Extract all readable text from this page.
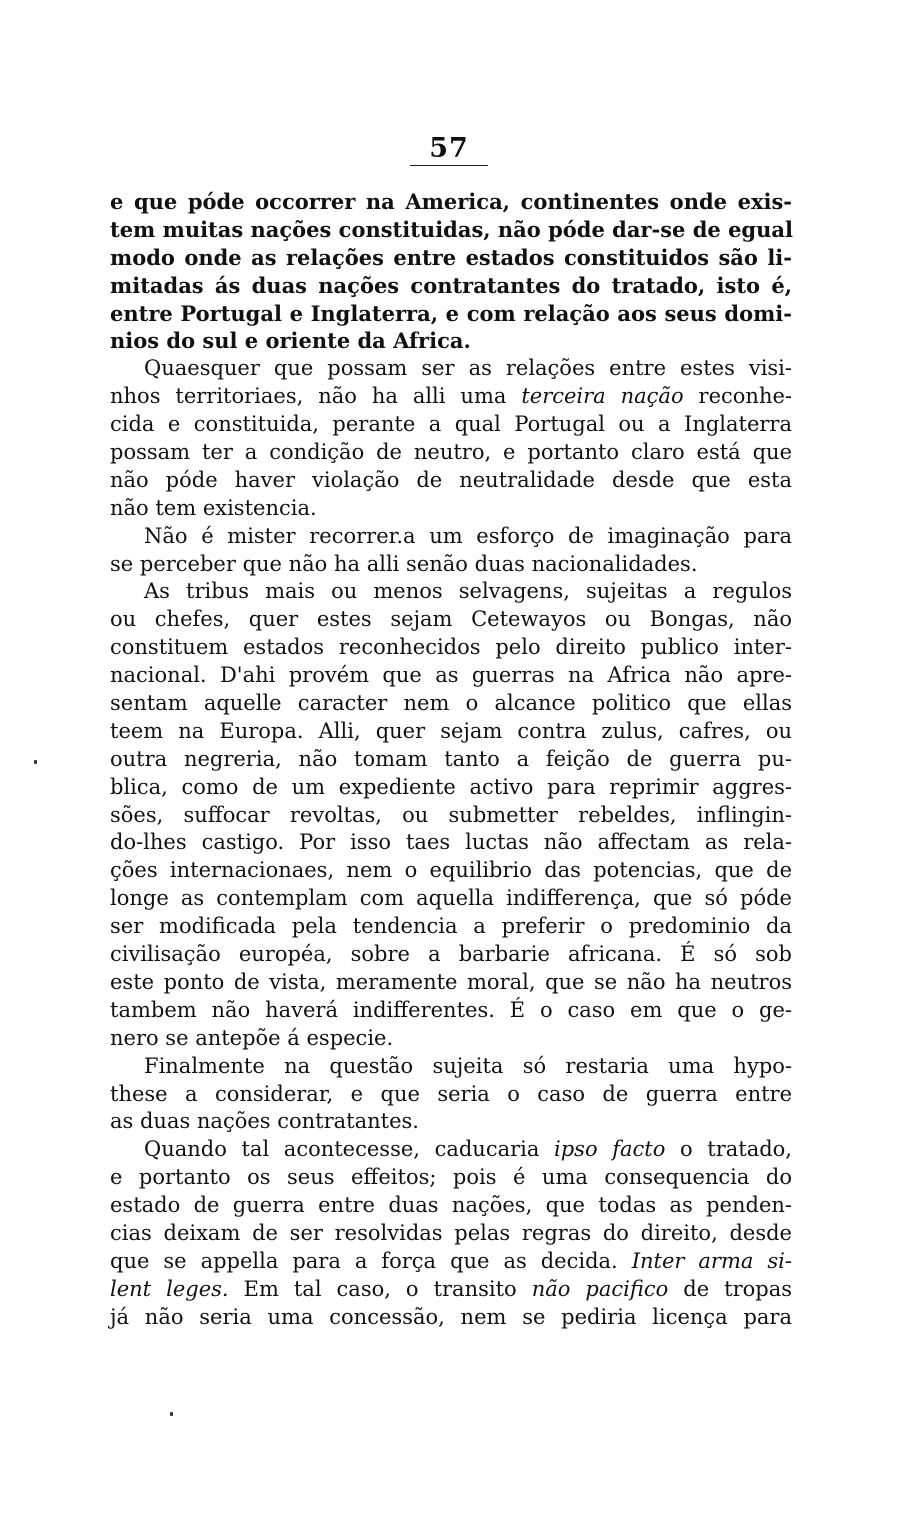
57
e que póde occorrer na America, continentes onde exis-
tem muitas nações constituidas, não póde dar-se de egual
modo onde as relações entre estados constituidos são li-
mitadas ás duas nações contratantes do tratado, isto é,
entre Portugal e Inglaterra, e com relação aos seus domi-
nios do sul e oriente da Africa.
Quaesquer que possam ser as relações entre estes visi-
nhos territoriaes, não ha alli uma terceira nação reconhe-
cida e constituida, perante a qual Portugal ou a Inglaterra
possam ter a condição de neutro, e portanto claro está que
não póde haver violação de neutralidade desde que esta
não tem existencia.
Não é mister recorrer.a um esforço de imaginação para
se perceber que não ha alli senão duas nacionalidades.
As tribus mais ou menos selvagens, sujeitas a regulos
ou chefes, quer estes sejam Cetewayos ou Bongas, não
constituem estados reconhecidos pelo direito publico inter-
nacional. D'ahi provém que as guerras na Africa não apre-
sentam aquelle caracter nem o alcance politico que ellas
teem na Europa. Alli, quer sejam contra zulus, cafres, ou
outra negreria, não tomam tanto a feição de guerra pu-
blica, como de um expediente activo para reprimir aggres-
sões, suffocar revoltas, ou submetter rebeldes, inflingin-
do-lhes castigo. Por isso taes luctas não affectam as rela-
ções internacionaes, nem o equilibrio das potencias, que de
longe as contemplam com aquella indifferença, que só póde
ser modificada pela tendencia a preferir o predominio da
civilisação européa, sobre a barbarie africana. É só sob
este ponto de vista, meramente moral, que se não ha neutros
tambem não haverá indifferentes. É o caso em que o ge-
nero se antepõe á especie.
Finalmente na questão sujeita só restaria uma hypo-
these a considerar, e que seria o caso de guerra entre
as duas nações contratantes.
Quando tal acontecesse, caducaria ipso facto o tratado,
e portanto os seus effeitos; pois é uma consequencia do
estado de guerra entre duas nações, que todas as penden-
cias deixam de ser resolvidas pelas regras do direito, desde
que se appella para a força que as decida. Inter arma si-
lent leges. Em tal caso, o transito não pacifico de tropas
já não seria uma concessão, nem se pediria licença para
